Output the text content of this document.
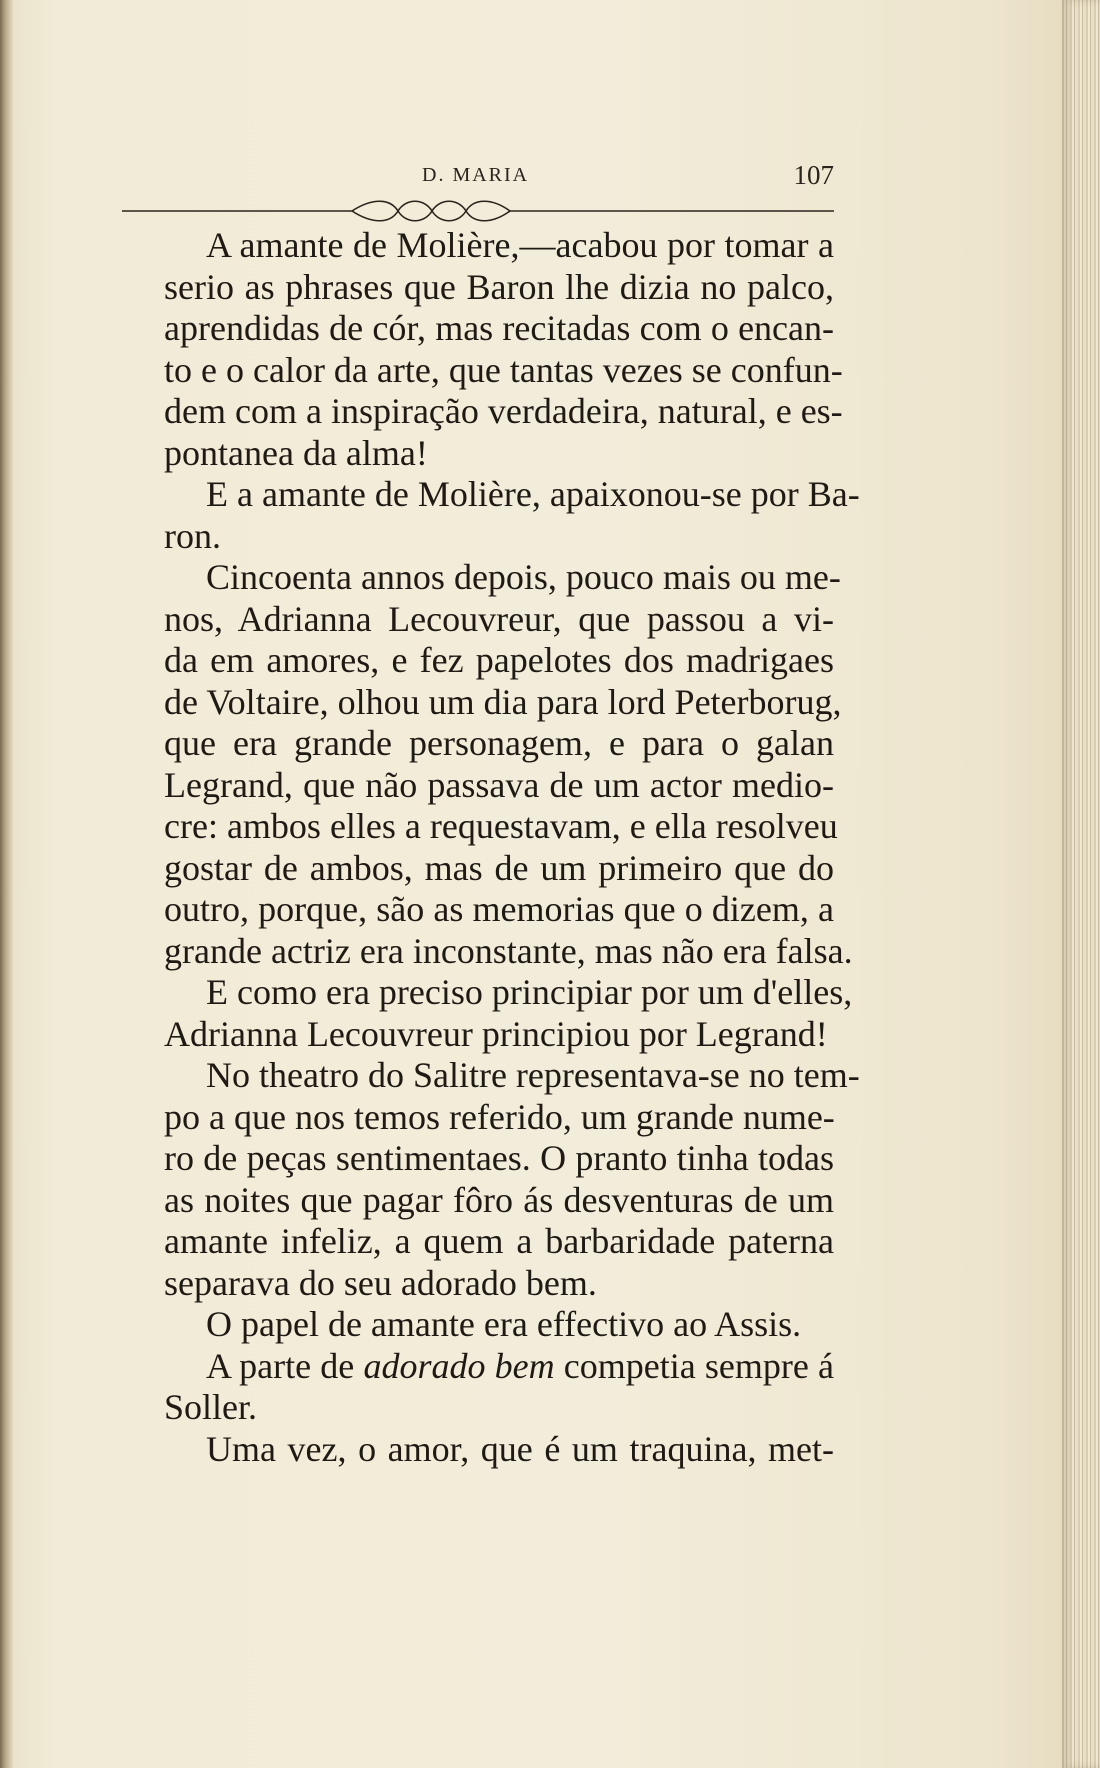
D. MARIA	107

A amante de Molière,—acabou por tomar a
serio as phrases que Baron lhe dizia no palco,
aprendidas de cór, mas recitadas com o encan-
to e o calor da arte, que tantas vezes se confun-
dem com a inspiração verdadeira, natural, e es-
pontanea da alma!

E a amante de Molière, apaixonou-se por Ba-
ron.

Cincoenta annos depois, pouco mais ou me-
nos, Adrianna Lecouvreur, que passou a vi-
da em amores, e fez papelotes dos madrigaes
de Voltaire, olhou um dia para lord Peterborug,
que era grande personagem, e para o galan
Legrand, que não passava de um actor medio-
cre: ambos elles a requestavam, e ella resolveu
gostar de ambos, mas de um primeiro que do
outro, porque, são as memorias que o dizem, a
grande actriz era inconstante, mas não era falsa.

E como era preciso principiar por um d'elles,
Adrianna Lecouvreur principiou por Legrand!

No theatro do Salitre representava-se no tem-
po a que nos temos referido, um grande nume-
ro de peças sentimentaes. O pranto tinha todas
as noites que pagar fôro ás desventuras de um
amante infeliz, a quem a barbaridade paterna
separava do seu adorado bem.

O papel de amante era effectivo ao Assis.

A parte de adorado bem competia sempre á
Soller.

Uma vez, o amor, que é um traquina, met-
